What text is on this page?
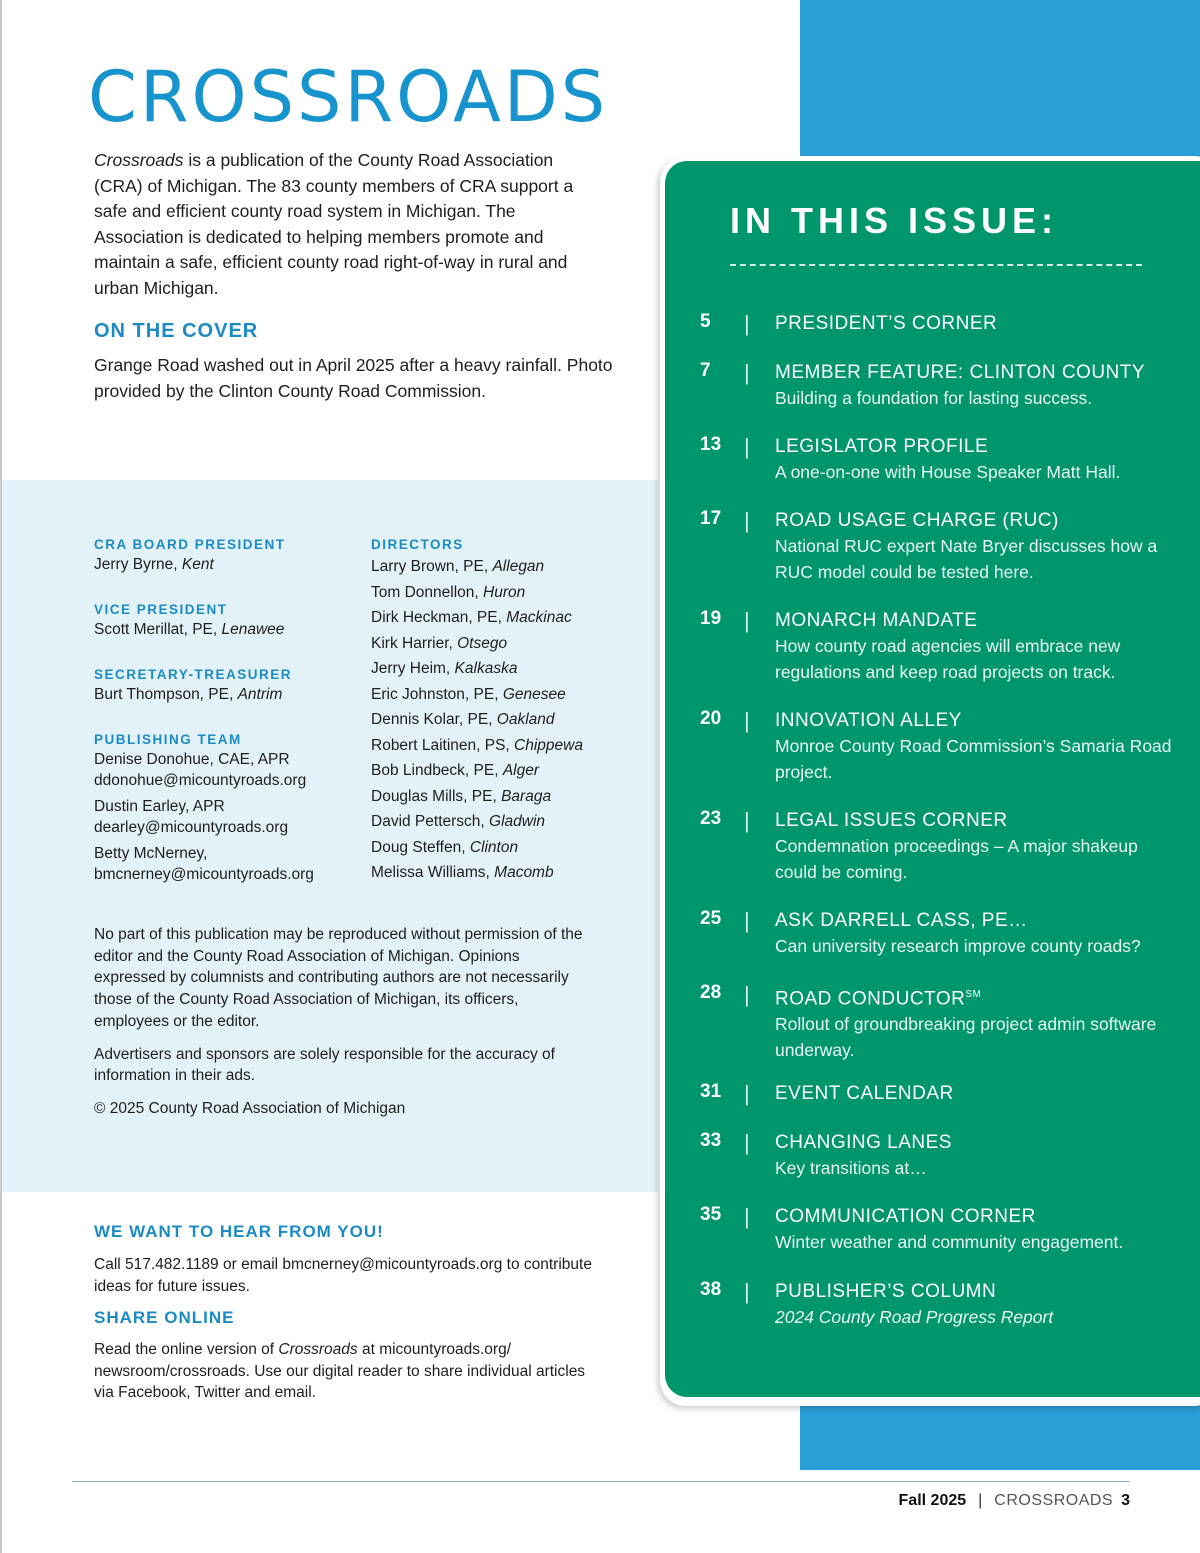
CROSSROADS

Crossroads is a publication of the County Road Association (CRA) of Michigan. The 83 county members of CRA support a safe and efficient county road system in Michigan. The Association is dedicated to helping members promote and maintain a safe, efficient county road right-of-way in rural and urban Michigan.

ON THE COVER

Grange Road washed out in April 2025 after a heavy rainfall. Photo provided by the Clinton County Road Commission.

CRA BOARD PRESIDENT

Jerry Byrne, Kent

VICE PRESIDENT

Scott Merillat, PE, Lenawee

SECRETARY-TREASURER

Burt Thompson, PE, Antrim

PUBLISHING TEAM

Denise Donohue, CAE, APR
ddonohue@micountyroads.org
Dustin Earley, APR
dearley@micountyroads.org
Betty McNerney,
bmcnerney@micountyroads.org

DIRECTORS

Larry Brown, PE, Allegan
Tom Donnellon, Huron
Dirk Heckman, PE, Mackinac
Kirk Harrier, Otsego
Jerry Heim, Kalkaska
Eric Johnston, PE, Genesee
Dennis Kolar, PE, Oakland
Robert Laitinen, PS, Chippewa
Bob Lindbeck, PE, Alger
Douglas Mills, PE, Baraga
David Pettersch, Gladwin
Doug Steffen, Clinton
Melissa Williams, Macomb

No part of this publication may be reproduced without permission of the editor and the County Road Association of Michigan. Opinions expressed by columnists and contributing authors are not necessarily those of the County Road Association of Michigan, its officers, employees or the editor.

Advertisers and sponsors are solely responsible for the accuracy of information in their ads.

© 2025 County Road Association of Michigan

WE WANT TO HEAR FROM YOU!

Call 517.482.1189 or email bmcnerney@micountyroads.org to contribute ideas for future issues.

SHARE ONLINE

Read the online version of Crossroads at micountyroads.org/ newsroom/crossroads. Use our digital reader to share individual articles via Facebook, Twitter and email.

IN THIS ISSUE:
5	| PRESIDENT’S CORNER

7	| MEMBER FEATURE: CLINTON COUNTY

Building a foundation for lasting success.

13	| LEGISLATOR PROFILE

A one-on-one with House Speaker Matt Hall.

17	| ROAD USAGE CHARGE (RUC)

National RUC expert Nate Bryer discusses how a RUC model could be tested here.

19	| MONARCH MANDATE

How county road agencies will embrace new regulations and keep road projects on track.

20	| INNOVATION ALLEY

Monroe County Road Commission’s Samaria Road project.

23	| LEGAL ISSUES CORNER

Condemnation proceedings – A major shakeup could be coming.

25	| ASK DARRELL CASS, PE…

Can university research improve county roads?

28	| ROAD CONDUCTOR℠

Rollout of groundbreaking project admin software underway.

31	| EVENT CALENDAR

33	| CHANGING LANES

Key transitions at…

35	| COMMUNICATION CORNER

Winter weather and community engagement.

38	| PUBLISHER’S COLUMN

2024 County Road Progress Report

Fall 2025 | CROSSROADS 3
